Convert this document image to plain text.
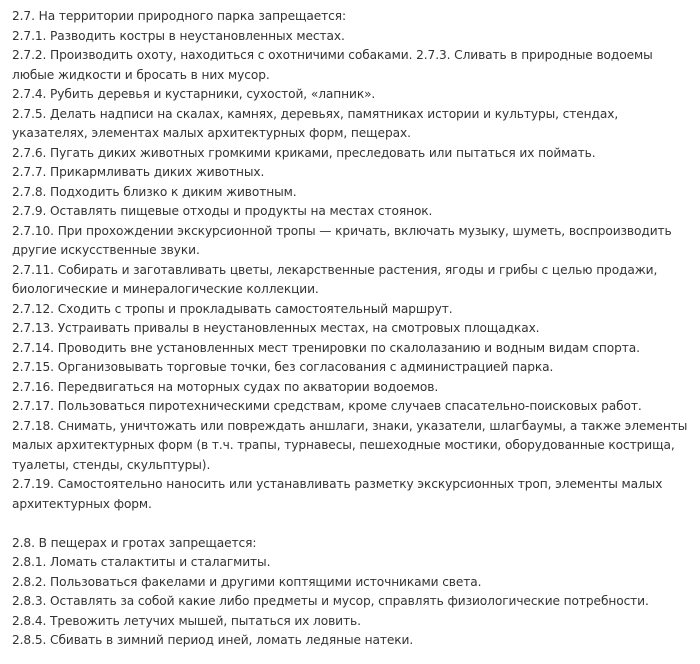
2.7. На территории природного парка запрещается:

2.7.1. Разводить костры в неустановленных местах.

2.7.2. Производить охоту, находиться с охотничими собаками. 2.7.3. Сливать в природные водоемы любые жидкости и бросать в них мусор.

2.7.4. Рубить деревья и кустарники, сухостой, «лапник».

2.7.5. Делать надписи на скалах, камнях, деревьях, памятниках истории и культуры, стендах, указателях, элементах малых архитектурных форм, пещерах.

2.7.6. Пугать диких животных громкими криками, преследовать или пытаться их поймать.

2.7.7. Прикармливать диких животных.

2.7.8. Подходить близко к диким животным.

2.7.9. Оставлять пищевые отходы и продукты на местах стоянок.

2.7.10. При прохождении экскурсионной тропы — кричать, включать музыку, шуметь, воспроизводить другие искусственные звуки.

2.7.11. Собирать и заготавливать цветы, лекарственные растения, ягоды и грибы с целью продажи, биологические и минералогические коллекции.

2.7.12. Сходить с тропы и прокладывать самостоятельный маршрут.

2.7.13. Устраивать привалы в неустановленных местах, на смотровых площадках.

2.7.14. Проводить вне установленных мест тренировки по скалолазанию и водным видам спорта.

2.7.15. Организовывать торговые точки, без согласования с администрацией парка.

2.7.16. Передвигаться на моторных судах по акватории водоемов.

2.7.17. Пользоваться пиротехническими средствам, кроме случаев спасательно-поисковых работ.

2.7.18. Снимать, уничтожать или повреждать аншлаги, знаки, указатели, шлагбаумы, а также элементы малых архитектурных форм (в т.ч. трапы, турнавесы, пешеходные мостики, оборудованные кострища, туалеты, стенды, скульптуры).

2.7.19. Самостоятельно наносить или устанавливать разметку экскурсионных троп, элементы малых архитектурных форм.

2.8. В пещерах и гротах запрещается:

2.8.1. Ломать сталактиты и сталагмиты.

2.8.2. Пользоваться факелами и другими коптящими источниками света.

2.8.3. Оставлять за собой какие либо предметы и мусор, справлять физиологические потребности.

2.8.4. Тревожить летучих мышей, пытаться их ловить.

2.8.5. Сбивать в зимний период иней, ломать ледяные натеки.
